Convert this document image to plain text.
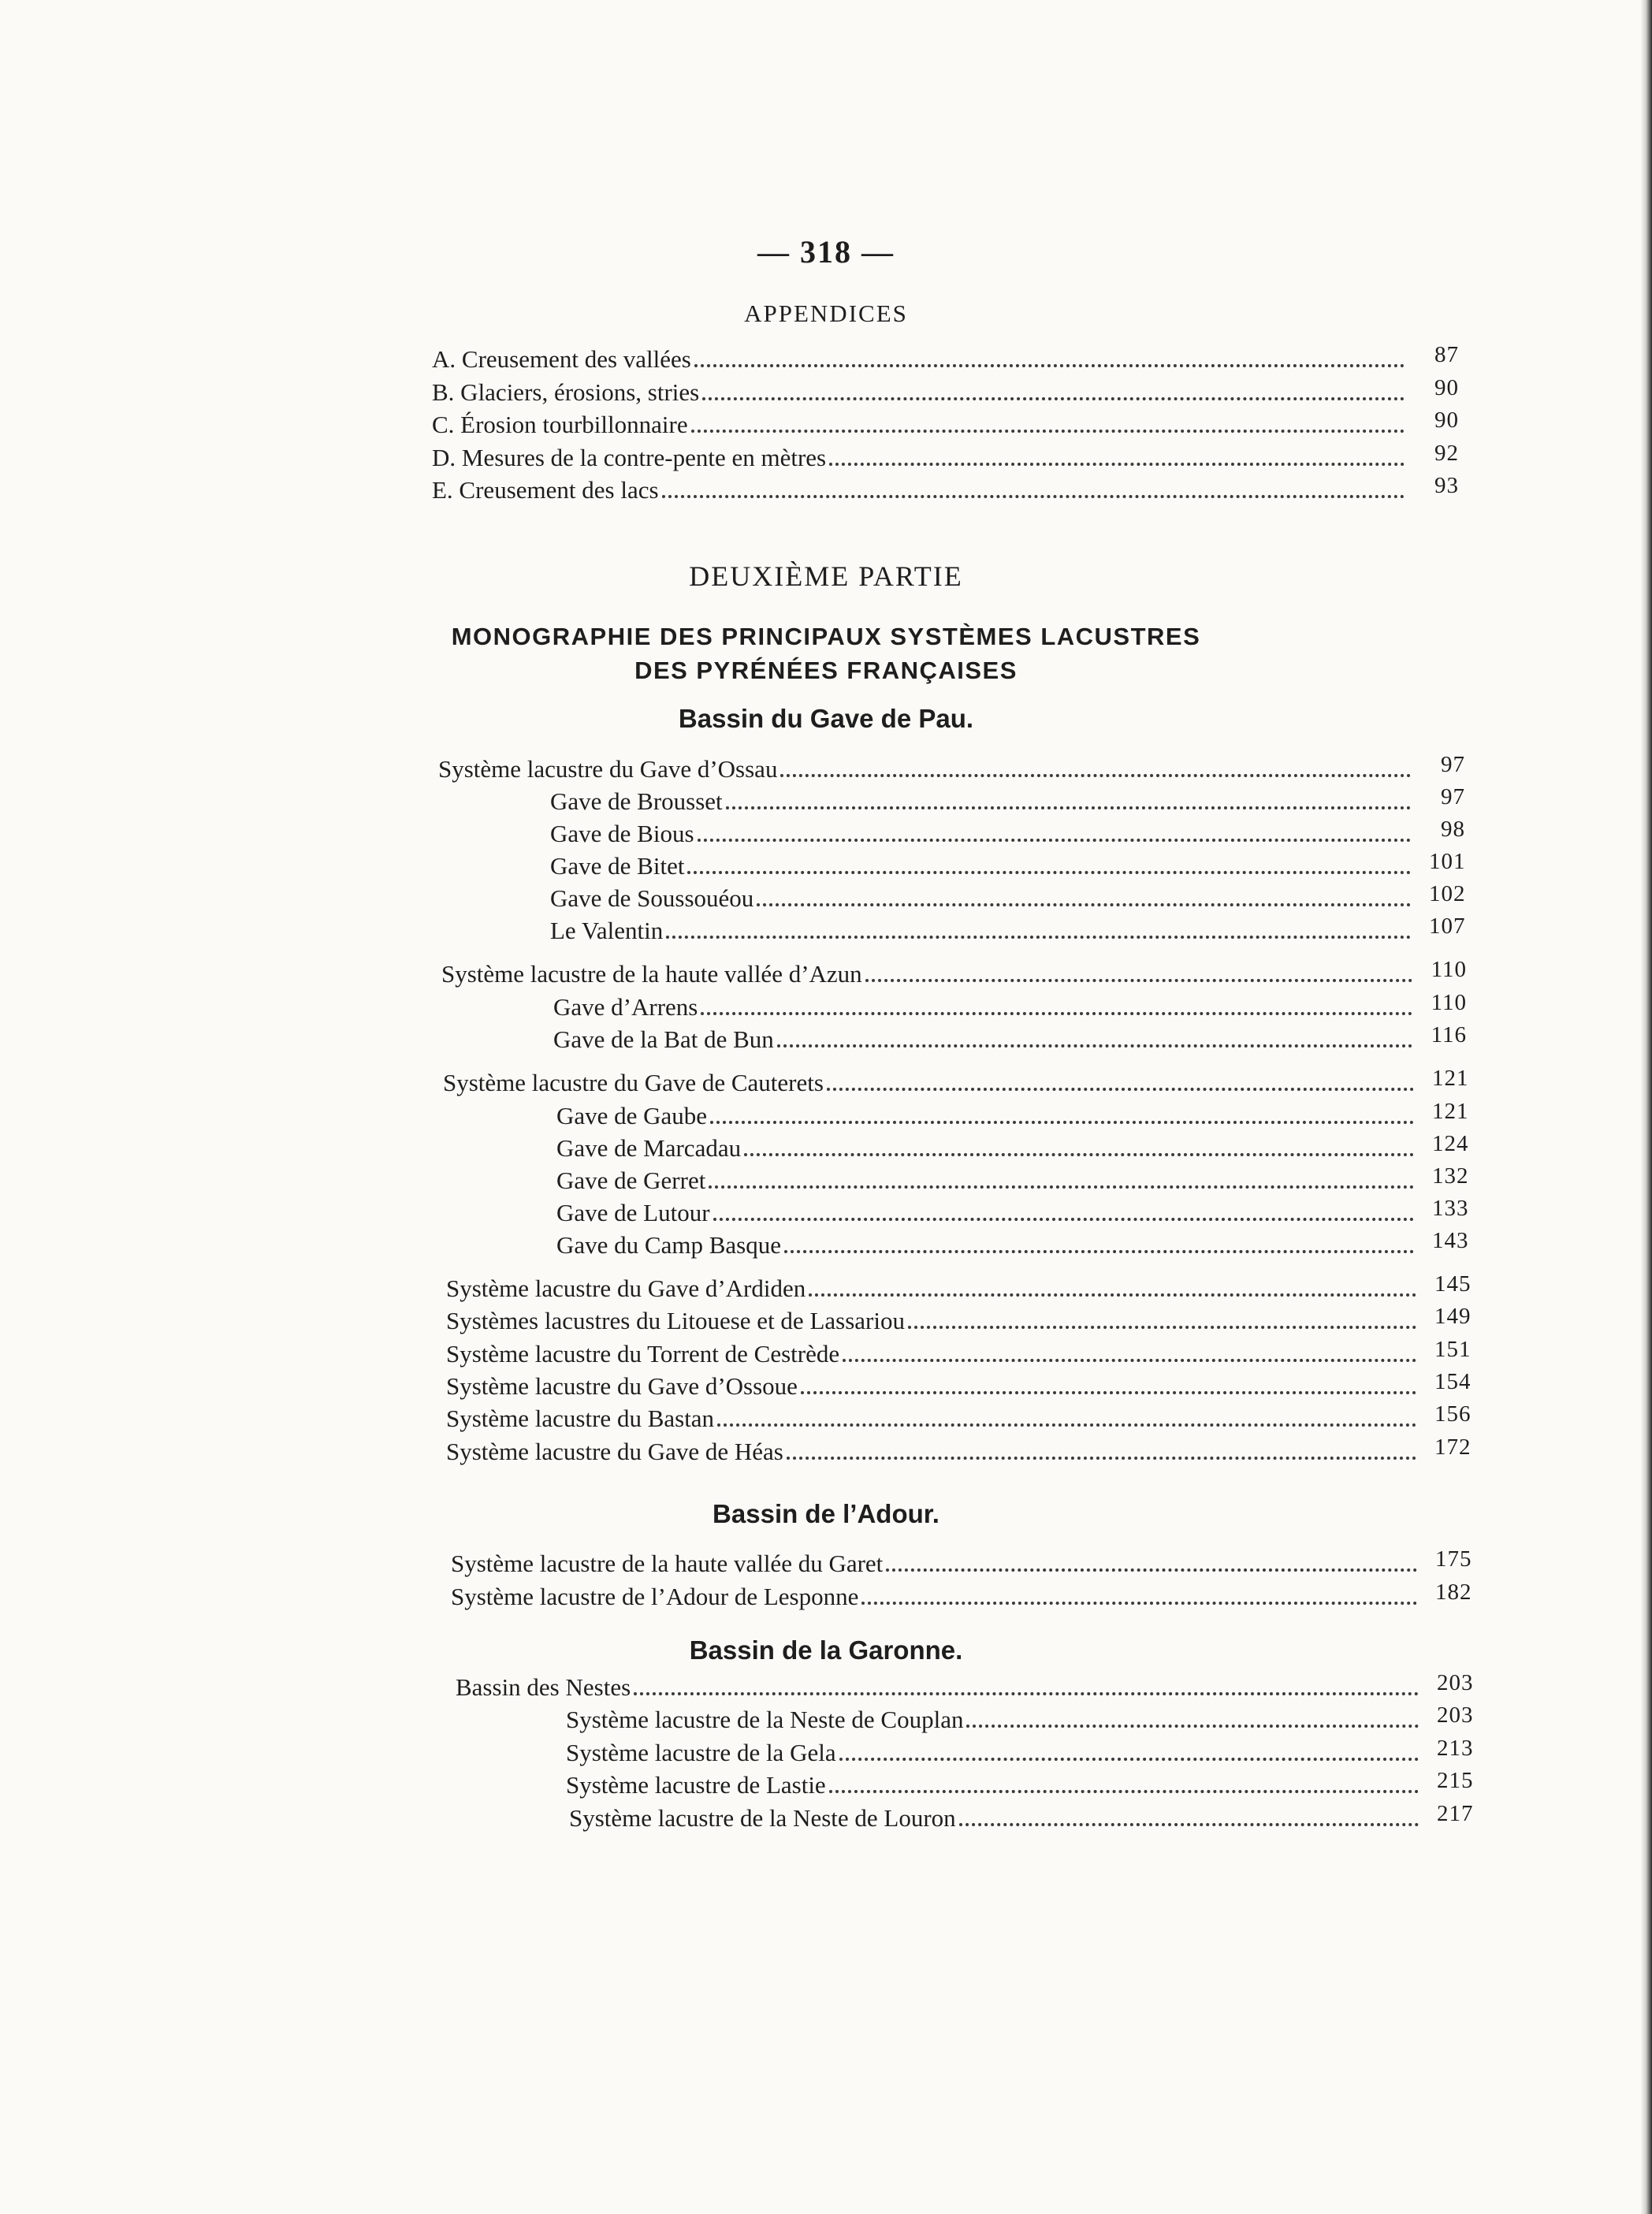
— 318 —
APPENDICES
A. Creusement des vallées	87
B. Glaciers, érosions, stries	90
C. Érosion tourbillonnaire	90
D. Mesures de la contre-pente en mètres	92
E. Creusement des lacs	93
DEUXIÈME PARTIE
MONOGRAPHIE DES PRINCIPAUX SYSTÈMES LACUSTRES
DES PYRÉNÉES FRANÇAISES
Bassin du Gave de Pau.
Système lacustre du Gave d’Ossau	97
Gave de Brousset	97
Gave de Bious	98
Gave de Bitet	101
Gave de Soussouéou	102
Le Valentin	107
Système lacustre de la haute vallée d’Azun	110
Gave d’Arrens	110
Gave de la Bat de Bun	116
Système lacustre du Gave de Cauterets	121
Gave de Gaube	121
Gave de Marcadau	124
Gave de Gerret	132
Gave de Lutour	133
Gave du Camp Basque	143
Système lacustre du Gave d’Ardiden	145
Systèmes lacustres du Litouese et de Lassariou	149
Système lacustre du Torrent de Cestrède	151
Système lacustre du Gave d’Ossoue	154
Système lacustre du Bastan	156
Système lacustre du Gave de Héas	172
Bassin de l’Adour.
Système lacustre de la haute vallée du Garet	175
Système lacustre de l’Adour de Lesponne	182
Bassin de la Garonne.
Bassin des Nestes	203
Système lacustre de la Neste de Couplan	203
Système lacustre de la Gela	213
Système lacustre de Lastie	215
Système lacustre de la Neste de Louron	217
